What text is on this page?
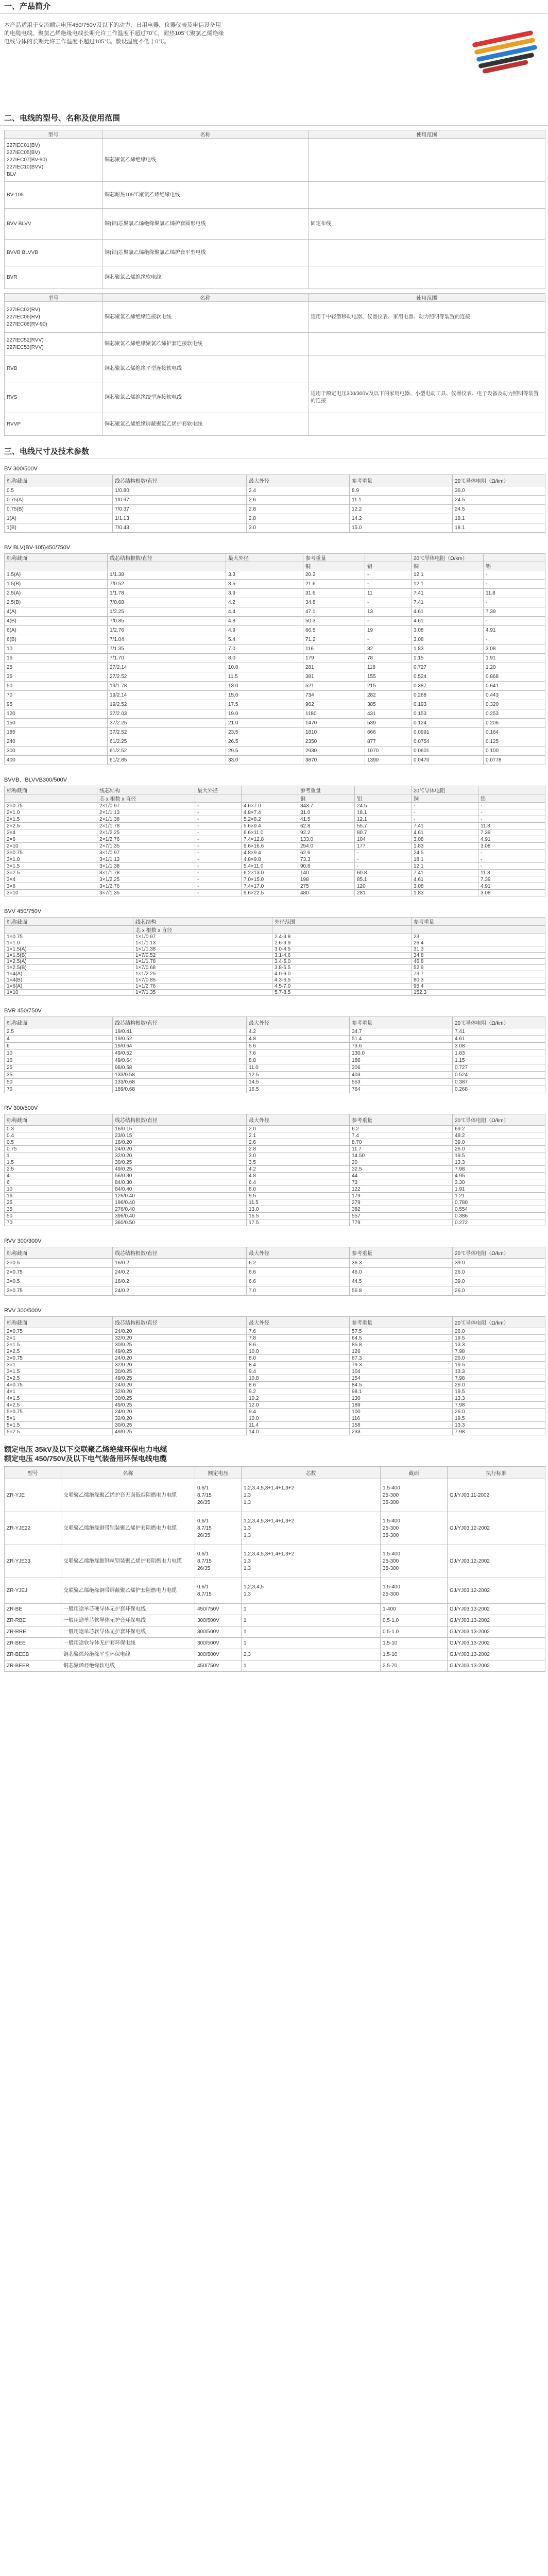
一、产品简介

本产品适用于交流额定电压450/750V及以下的动力、日用电器、仪器仪表及电信设备用的电缆电线。聚氯乙烯绝缘电线长期允许工作温度不超过70℃，耐热105℃聚氯乙烯绝缘电线导体的长期允许工作温度不超过105℃。敷设温度不低于0℃。

二、电线的型号、名称及使用范围
型号	名称	使用范围
227IEC01(BV)
227IEC05(BV)
227IEC07(BV-90)
227IEC10(BVV)
BLV	铜芯聚氯乙烯绝缘电线	
BV-105	铜芯耐热105℃聚氯乙烯绝缘电线	
BVV BLVV	铜(铝)芯聚氯乙烯绝缘聚氯乙烯护套圆形电线	固定布线
BVVB BLVVB	铜(铝)芯聚氯乙烯绝缘聚氯乙烯护套平型电线	
BVR	铜芯聚氯乙烯绝缘软电线	
型号	名称	使用范围
227IEC02(RV)
227IEC06(RV)
227IEC08(RV-90)	铜芯聚氯乙烯绝缘连接软电线	适用于中轻型移动电器、仪器仪表、家用电器、动力照明等装置的连接
227IEC52(RVV)
227IEC53(RVV)	铜芯聚氯乙烯绝缘聚氯乙烯护套连接软电线	
RVB	铜芯聚氯乙烯绝缘平型连接软电线	
RVS	铜芯聚氯乙烯绝缘绞型连接软电线	适用于额定电压300/300V及以下的家用电器、小型电动工具、仪器仪表、电子设备及动力照明等装置的连接
RVVP	铜芯聚氯乙烯绝缘屏蔽聚氯乙烯护套软电线	
三、电线尺寸及技术参数
BV 300/500V
标称截面	线芯结构根数/直径	最大外径	参考重量	20℃导体电阻（Ω/km）
0.5	1/0.80	2.4	8.9	36.0
0.75(A)	1/0.97	2.6	11.1	24.5
0.75(B)	7/0.37	2.8	12.2	24.5
1(A)	1/1.13	2.8	14.2	18.1
1(B)	7/0.43	3.0	15.0	18.1
BV BLV(BV-105)450/750V
标称截面	线芯结构根数/直径	最大外径	参考重量		20℃导体电阻（Ω/km）	
			铜	铝	铜	铝
1.5(A)	1/1.38	3.3	20.2	-	12.1	-
1.5(B)	7/0.52	3.5	21.6	-	12.1	-
2.5(A)	1/1.78	3.9	31.6	11	7.41	11.8
2.5(B)	7/0.68	4.2	34.8	-	7.41	-
4(A)	1/2.25	4.4	47.1	13	4.61	7.39
4(B)	7/0.85	4.8	50.3	-	4.61	-
6(A)	1/2.76	4.9	66.5	19	3.08	4.91
6(B)	7/1.04	5.4	71.2	-	3.08	-
10	7/1.35	7.0	116	32	1.83	3.08
16	7/1.70	8.0	179	78	1.15	1.91
25	27/2.14	10.0	281	118	0.727	1.20
35	27/2.52	11.5	381	155	0.524	0.868
50	19/1.78	13.0	521	215	0.387	0.641
70	19/2.14	15.0	734	282	0.268	0.443
95	19/2.52	17.5	962	385	0.193	0.320
120	37/2.03	19.0	1180	431	0.153	0.253
150	37/2.25	21.0	1470	539	0.124	0.206
185	37/2.52	23.5	1810	666	0.0991	0.164
240	61/2.25	26.5	2350	877	0.0754	0.125
300	61/2.52	29.5	2930	1070	0.0601	0.100
400	61/2.85	33.0	3870	1390	0.0470	0.0778
BVVB、BLVVB300/500V
标称截面	线芯结构	最大外径		参考重量		20℃导体电阻	
	芯 x 根数 x 直径			铜	铝	铜	铝
2×0.75	2×1/0.97	-	4.6×7.0	343.7	24.5	-	-
2×1.0	2×1/1.13	-	4.8×7.4	31.0	18.1	-	-
2×1.5	2×1/1.38	-	5.2×8.2	41.5	12.1	-	-
2×2.5	2×1/1.78	-	5.6×9.4	62.8	55.7	7.41	11.8
2×4	2×1/2.25	-	6.6×11.0	92.2	80.7	4.61	7.39
2×6	2×1/2.76	-	7.4×12.8	133.0	104	3.08	4.91
2×10	2×7/1.35	-	9.6×16.6	254.0	177	1.83	3.08
3×0.75	3×1/0.97	-	4.8×9.4	62.6	-	24.5	-
3×1.0	3×1/1.13	-	4.8×9.8	73.3	-	18.1	-
3×1.5	3×1/1.38	-	5.4×11.0	90.8	-	12.1	-
3×2.5	3×1/1.78	-	6.2×13.0	140	60.8	7.41	11.8
3×4	3×1/2.25	-	7.0×15.0	198	85.1	4.61	7.39
3×6	3×1/2.76	-	7.4×17.0	275	120	3.08	4.91
3×10	3×7/1.35	-	9.6×22.5	480	281	1.83	3.08
BVV 450/750V
标称截面	线芯结构	外径范围	参考重量
	芯 x 根数 x 直径		
1×0.75	1×1/0.97	2.4-3.8	23
1×1.0	1×1/1.13	2.6-3.9	26.4
1×1.5(A)	1×1/1.38	3.0-4.5	31.3
1×1.5(B)	1×7/0.52	3.1-4.6	34.8
1×2.5(A)	1×1/1.78	3.4-5.0	46.8
1×2.5(B)	1×7/0.68	3.8-5.5	52.9
1×4(A)	1×1/2.25	4.0-6.0	73.7
1×4(B)	1×7/0.85	4.3-6.5	80.3
1×6(A)	1×1/2.76	4.5-7.0	95.4
1×10	1×7/1.35	5.7-8.5	152.3
BVR 450/750V
标称截面	线芯结构根数/直径	最大外径	参考重量	20℃导体电阻（Ω/km）
2.5	19/0.41	4.2	34.7	7.41
4	19/0.52	4.8	51.4	4.61
6	19/0.64	5.6	73.6	3.08
10	49/0.52	7.6	130.0	1.83
16	49/0.64	8.8	186	1.15
25	98/0.58	11.0	306	0.727
35	133/0.58	12.5	403	0.524
50	133/0.68	14.5	553	0.387
70	189/0.68	16.5	764	0.268
RV 300/500V
标称截面	线芯结构根数/直径	最大外径	参考重量	20℃导体电阻（Ω/km）
0.3	16/0.15	2.0	6.2	69.2
0.4	23/0.15	2.1	7.4	48.2
0.5	16/0.20	2.6	8.70	39.0
0.75	24/0.20	2.8	11.7	26.0
1	32/0.20	3.0	14.50	19.5
1.5	30/0.25	3.5	20	13.3
2.5	49/0.25	4.2	32.5	7.98
4	56/0.30	4.8	44	4.95
6	84/0.30	6.4	73	3.30
10	84/0.40	8.0	122	1.91
16	126/0.40	9.5	179	1.21
25	196/0.40	11.5	279	0.780
35	276/0.40	13.0	382	0.554
50	396/0.40	15.5	557	0.386
70	360/0.50	17.5	779	0.272
RVV 300/300V
标称截面	线芯结构根数/直径	最大外径	参考重量	20℃导体电阻（Ω/km）
2×0.5	16/0.2	6.2	36.3	39.0
2×0.75	24/0.2	6.6	46.0	26.0
3×0.5	16/0.2	6.6	44.5	39.0
3×0.75	24/0.2	7.0	56.8	26.0
RVV 300/500V
标称截面	线芯结构根数/直径	最大外径	参考重量	20℃导体电阻（Ω/km）
2×0.75	24/0.20	7.6	57.5	26.0
2×1	32/0.20	7.8	64.5	19.5
2×1.5	30/0.25	8.6	85.8	13.3
2×2.5	49/0.25	10.0	126	7.98
3×0.75	24/0.20	8.0	67.3	26.0
3×1	32/0.20	8.4	79.3	19.5
3×1.5	30/0.25	9.4	104	13.3
3×2.5	49/0.25	10.8	154	7.98
4×0.75	24/0.20	8.6	84.5	26.0
4×1	32/0.20	9.2	98.1	19.5
4×1.5	30/0.25	10.2	130	13.3
4×2.5	49/0.25	12.0	189	7.98
5×0.75	24/0.20	9.4	100	26.0
5×1	32/0.20	10.0	116	19.5
5×1.5	30/0.25	11.4	158	13.3
5×2.5	49/0.25	14.0	233	7.98
额定电压 35kV及以下交联聚乙烯绝缘环保电力电缆
额定电压 450/750V及以下电气装备用环保电线电缆
型号	名称	额定电压	芯数	截面	执行标准
ZR-YJE	交联聚乙烯绝缘聚乙烯护套无卤低烟阻燃电力电缆	0.6/1
8.7/15
26/35	1,2,3,4,5,3+1,4+1,3+2
1,3
1,3	1.5-400
25-300
35-300	GJ/YJ03.11-2002
ZR-YJE22	交联聚乙烯绝缘钢带铠装聚乙烯护套阻燃电力电缆	0.6/1
8.7/15
26/35	1,2,3,4,5,3+1,4+1,3+2
1,3
1,3	1.5-400
25-300
35-300	GJ/YJ03.12-2002
ZR-YJE33	交联聚乙烯绝缘细钢丝铠装聚乙烯护套阻燃电力电缆	0.6/1
8.7/15
26/35	1,2,3,4,5,3+1,4+1,3+2
1,3
1,3	1.5-400
25-300
35-300	GJ/YJ03.12-2002
ZR-YJEJ	交联聚乙烯绝缘铜带屏蔽聚乙烯护套阻燃电力电缆	0.6/1
8.7/15	1,2,3,4,5
1,3	1.5-400
25-300	GJ/YJ03.12-2002
ZR-BE	一般用途单芯硬导体无护套环保电线	450/750V	1	1-400	GJ/YJ03.13-2002
ZR-RBE	一般用途单芯软导体无护套环保电线	300/500V	1	0.5-1.0	GJ/YJ03.13-2002
ZR-RRE	一般用途单芯软导体无护套环保电线	300/500V	1	0.5-1.0	GJ/YJ03.13-2002
ZR-BEE	一般用途软导体无护套环保电线	300/500V	1	1.5-10	GJ/YJ03.13-2002
ZR-BEEB	铜芯聚烯烃绝缘平型环保电线	300/500V	2,3	1.5-10	GJ/YJ03.13-2002
ZR-BEER	铜芯聚烯烃绝缘软电线	450/750V	1	2.5-70	GJ/YJ03.13-2002
